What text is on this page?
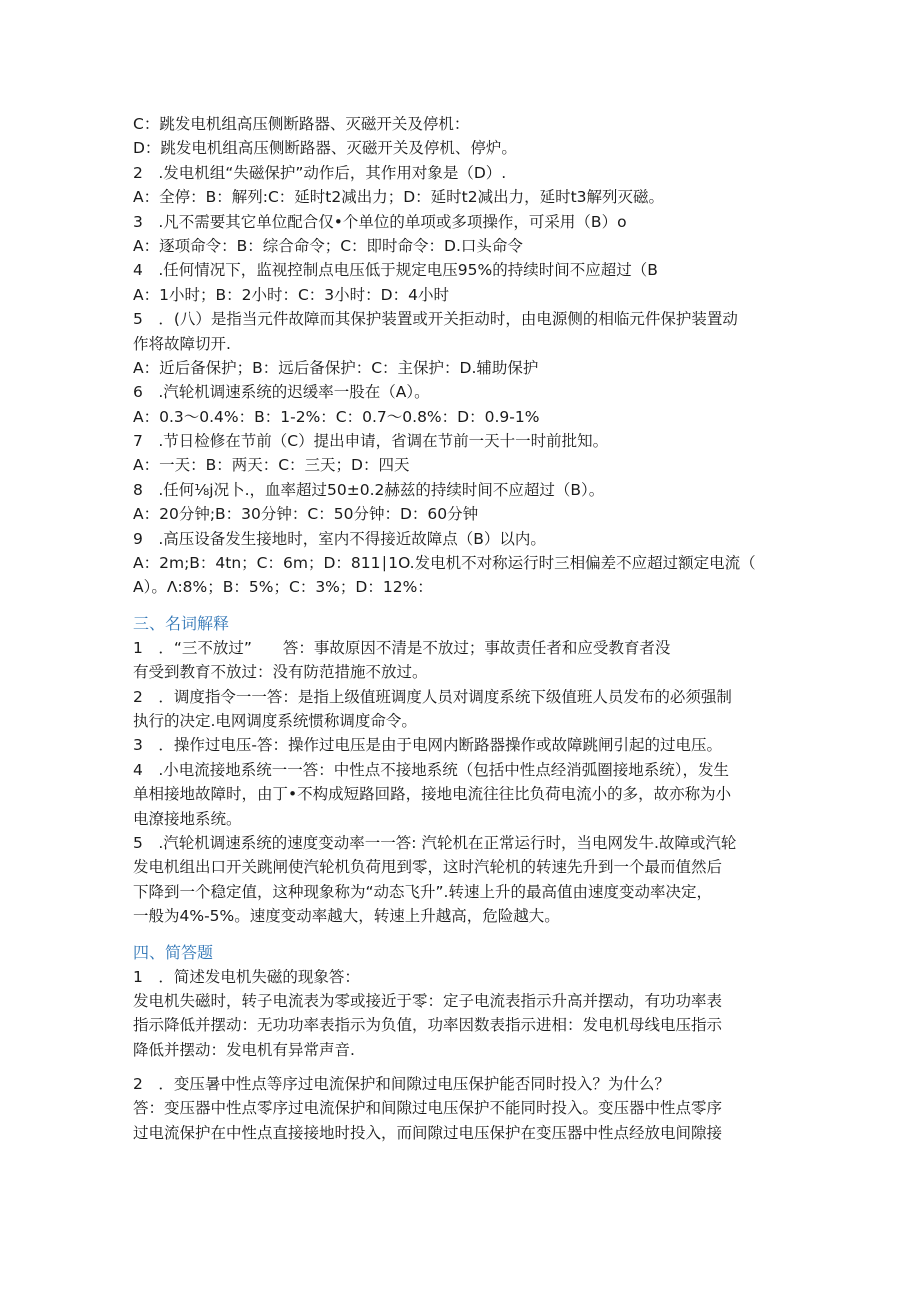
C：跳发电机组高压侧断路器、灭磁开关及停机：
D：跳发电机组高压侧断路器、灭磁开关及停机、停炉。
2　.发电机组“失磁保护”动作后，其作用对象是（D）.
A：全停：B：解列:C：延时t2减出力；D：延时t2减出力，延时t3解列灭磁。
3　.凡不需要其它单位配合仅•个单位的单项或多项操作，可采用（B）o
A：逐项命令：B：综合命令；C：即时命令：D.口头命令
4　.任何情况下，监视控制点电压低于规定电压95%的持续时间不应超过（B
A：1小时；B：2小时：C：3小时：D：4小时
5　．(八）是指当元件故障而其保护装置或开关拒动时，由电源侧的相临元件保护装置动
作将故障切开.
A：近后备保护；B：远后备保护：C：主保护：D.辅助保护
6　.汽轮机调速系统的迟缓率一股在（A）。
A：0.3〜0.4%：B：1-2%：C：0.7〜0.8%：D：0.9-1%
7　.节日检修在节前（C）提出申请，省调在节前一天十一时前批知。
A：一天：B：两天：C：三天；D：四天
8　.任何⅛j况卜.，血率超过50±0.2赫兹的持续时间不应超过（B）。
A：20分钟;B：30分钟：C：50分钟：D：60分钟
9　.高压设备发生接地时，室内不得接近故障点（B）以内。
A：2m;B：4tn；C：6m；D：811∣1O.发电机不对称运行时三相偏差不应超过额定电流（
A）。Λ:8%；B：5%；C：3%；D：12%：
三、名词解释
1　．“三不放过”　　答：事故原因不清是不放过；事故责任者和应受教育者没
有受到教育不放过：没有防范措施不放过。
2　．调度指令一一答：是指上级值班调度人员对调度系统下级值班人员发布的必须强制
执行的决定.电网调度系统惯称调度命令。
3　．操作过电压-答：操作过电压是由于电网内断路器操作或故障跳闸引起的过电压。
4　.小电流接地系统一一答：中性点不接地系统（包括中性点经消弧圈接地系统），发生
单相接地故障时，由丁•不构成短路回路，接地电流往往比负荷电流小的多，故亦称为小
电潦接地系统。
5　.汽轮机调速系统的速度变动率一一答: 汽轮机在正常运行时，当电网发牛.故障或汽轮
发电机组出口开关跳闸使汽轮机负荷甩到零，这时汽轮机的转速先升到一个最而值然后
下降到一个稳定值，这种现象称为“动态飞升”.转速上升的最高值由速度变动率决定，
一般为4%-5%。速度变动率越大，转速上升越高，危险越大。
四、简答题
1　．简述发电机失磁的现象答：
发电机失磁时，转子电流表为零或接近于零：定子电流表指示升高并摆动，有功功率表
指示降低并摆动：无功功率表指示为负值，功率因数表指示进相：发电机母线电压指示
降低并摆动：发电机有异常声音.
2　．变压暑中性点等序过电流保护和间隙过电压保护能否同时投入？为什么？
答：变压器中性点零序过电流保护和间隙过电压保护不能同时投入。变压器中性点零序
过电流保护在中性点直接接地时投入，而间隙过电压保护在变压器中性点经放电间隙接
